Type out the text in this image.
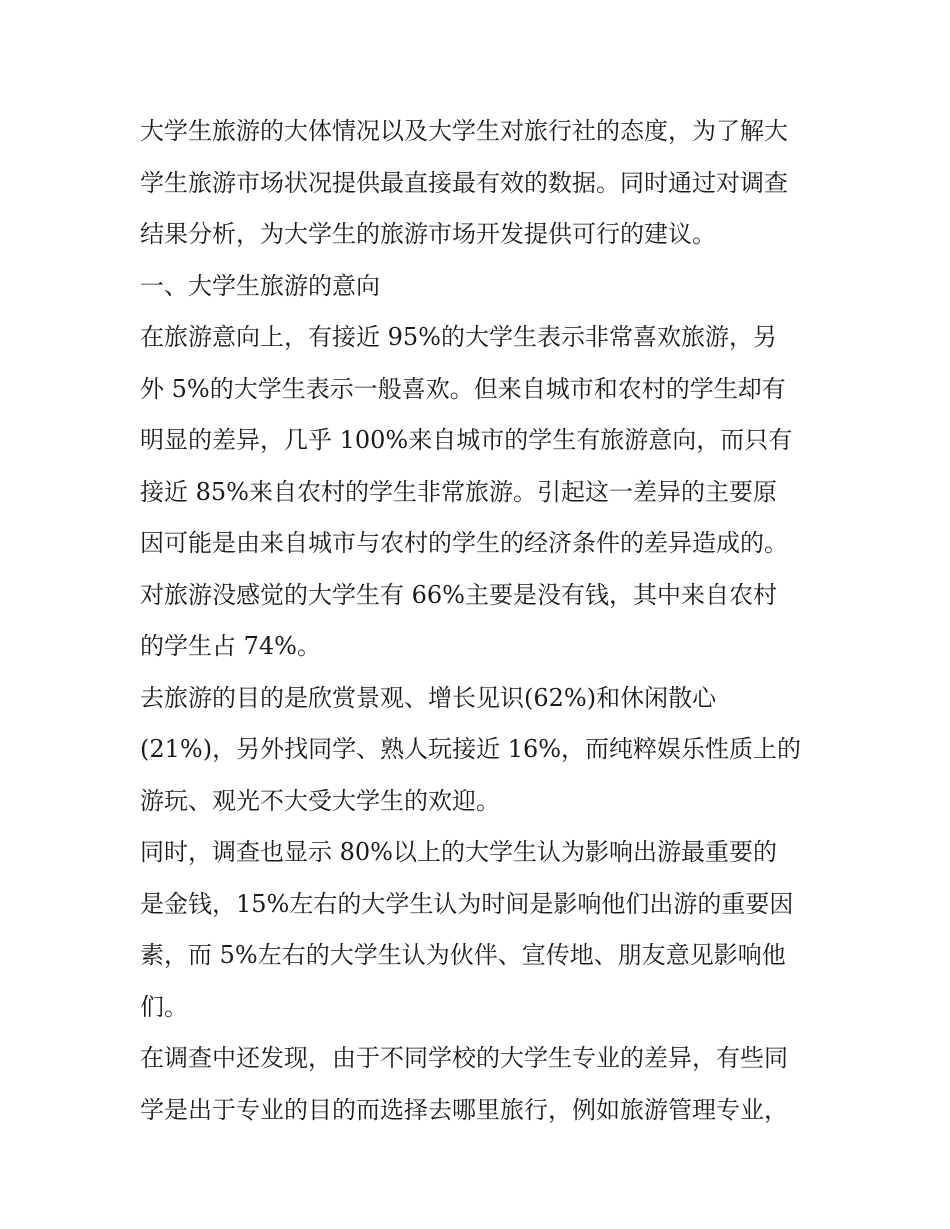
大学生旅游的大体情况以及大学生对旅行社的态度，为了解大
学生旅游市场状况提供最直接最有效的数据。同时通过对调查
结果分析，为大学生的旅游市场开发提供可行的建议。
一、大学生旅游的意向
在旅游意向上，有接近 95%的大学生表示非常喜欢旅游，另
外 5%的大学生表示一般喜欢。但来自城市和农村的学生却有
明显的差异，几乎 100%来自城市的学生有旅游意向，而只有
接近 85%来自农村的学生非常旅游。引起这一差异的主要原
因可能是由来自城市与农村的学生的经济条件的差异造成的。
对旅游没感觉的大学生有 66%主要是没有钱，其中来自农村
的学生占 74%。
去旅游的目的是欣赏景观、增长见识(62%)和休闲散心
(21%)，另外找同学、熟人玩接近 16%，而纯粹娱乐性质上的
游玩、观光不大受大学生的欢迎。
同时，调查也显示 80%以上的大学生认为影响出游最重要的
是金钱，15%左右的大学生认为时间是影响他们出游的重要因
素，而 5%左右的大学生认为伙伴、宣传地、朋友意见影响他
们。
在调查中还发现，由于不同学校的大学生专业的差异，有些同
学是出于专业的目的而选择去哪里旅行，例如旅游管理专业，
